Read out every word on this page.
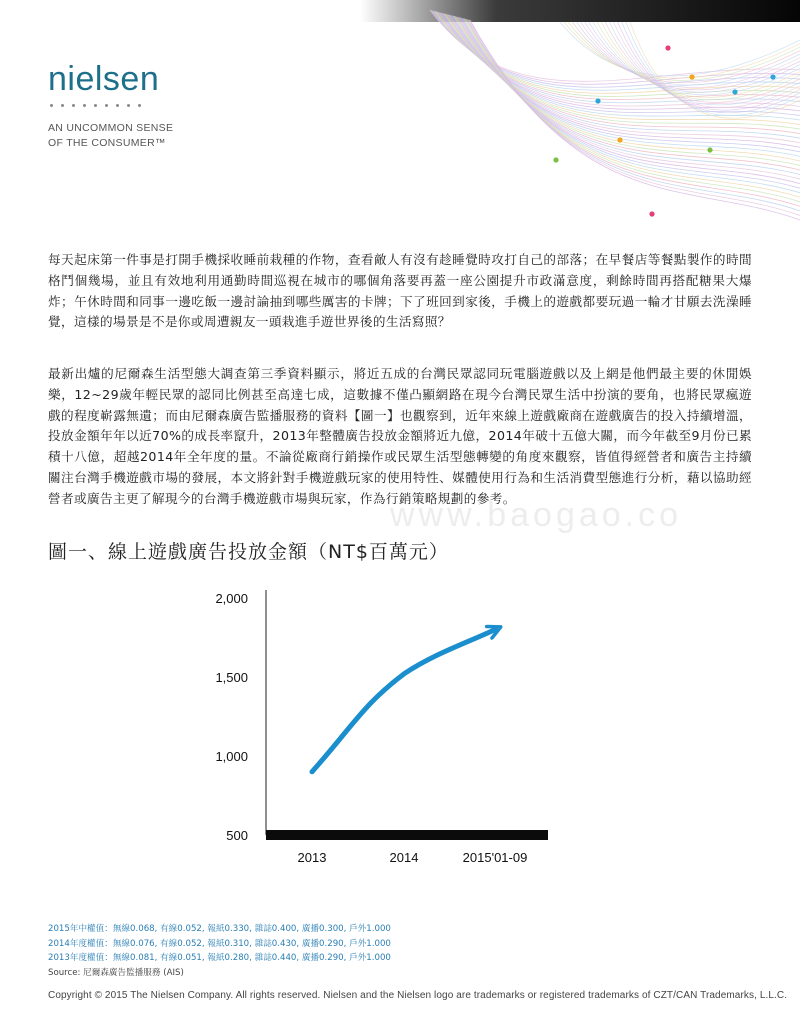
nielsen
AN UNCOMMON SENSE
OF THE CONSUMER™
每天起床第一件事是打開手機採收睡前栽種的作物，查看敵人有沒有趁睡覺時攻打自己的部落；在早餐店等餐點製作的時間格鬥個幾場，並且有效地利用通勤時間巡視在城市的哪個角落要再蓋一座公園提升市政滿意度，剩餘時間再搭配糖果大爆炸；午休時間和同事一邊吃飯一邊討論抽到哪些厲害的卡牌；下了班回到家後，手機上的遊戲都要玩過一輪才甘願去洗澡睡覺，這樣的場景是不是你或周遭親友一頭栽進手遊世界後的生活寫照？
最新出爐的尼爾森生活型態大調查第三季資料顯示，將近五成的台灣民眾認同玩電腦遊戲以及上網是他們最主要的休閒娛樂，12~29歲年輕民眾的認同比例甚至高達七成，這數據不僅凸顯網路在現今台灣民眾生活中扮演的要角，也將民眾瘋遊戲的程度嶄露無遺；而由尼爾森廣告監播服務的資料【圖一】也觀察到，近年來線上遊戲廠商在遊戲廣告的投入持續增溫，投放金額年年以近70%的成長率竄升，2013年整體廣告投放金額將近九億，2014年破十五億大關，而今年截至9月份已累積十八億，超越2014年全年度的量。不論從廠商行銷操作或民眾生活型態轉變的角度來觀察，皆值得經營者和廣告主持續關注台灣手機遊戲市場的發展，本文將針對手機遊戲玩家的使用特性、媒體使用行為和生活消費型態進行分析，藉以協助經營者或廣告主更了解現今的台灣手機遊戲市場與玩家，作為行銷策略規劃的參考。
www.baogao.co
圖一、線上遊戲廣告投放金額（NT$百萬元）
2,000
1,500
1,000
500
2013	2014	2015'01-09
2015年中權值：無線0.068, 有線0.052, 報紙0.330, 雜誌0.400, 廣播0.300, 戶外1.000
2014年度權值：無線0.076, 有線0.052, 報紙0.310, 雜誌0.430, 廣播0.290, 戶外1.000
2013年度權值：無線0.081, 有線0.051, 報紙0.280, 雜誌0.440, 廣播0.290, 戶外1.000
Source: 尼爾森廣告監播服務 (AIS)
Copyright © 2015 The Nielsen Company. All rights reserved. Nielsen and the Nielsen logo are trademarks or registered trademarks of CZT/CAN Trademarks, L.L.C.
